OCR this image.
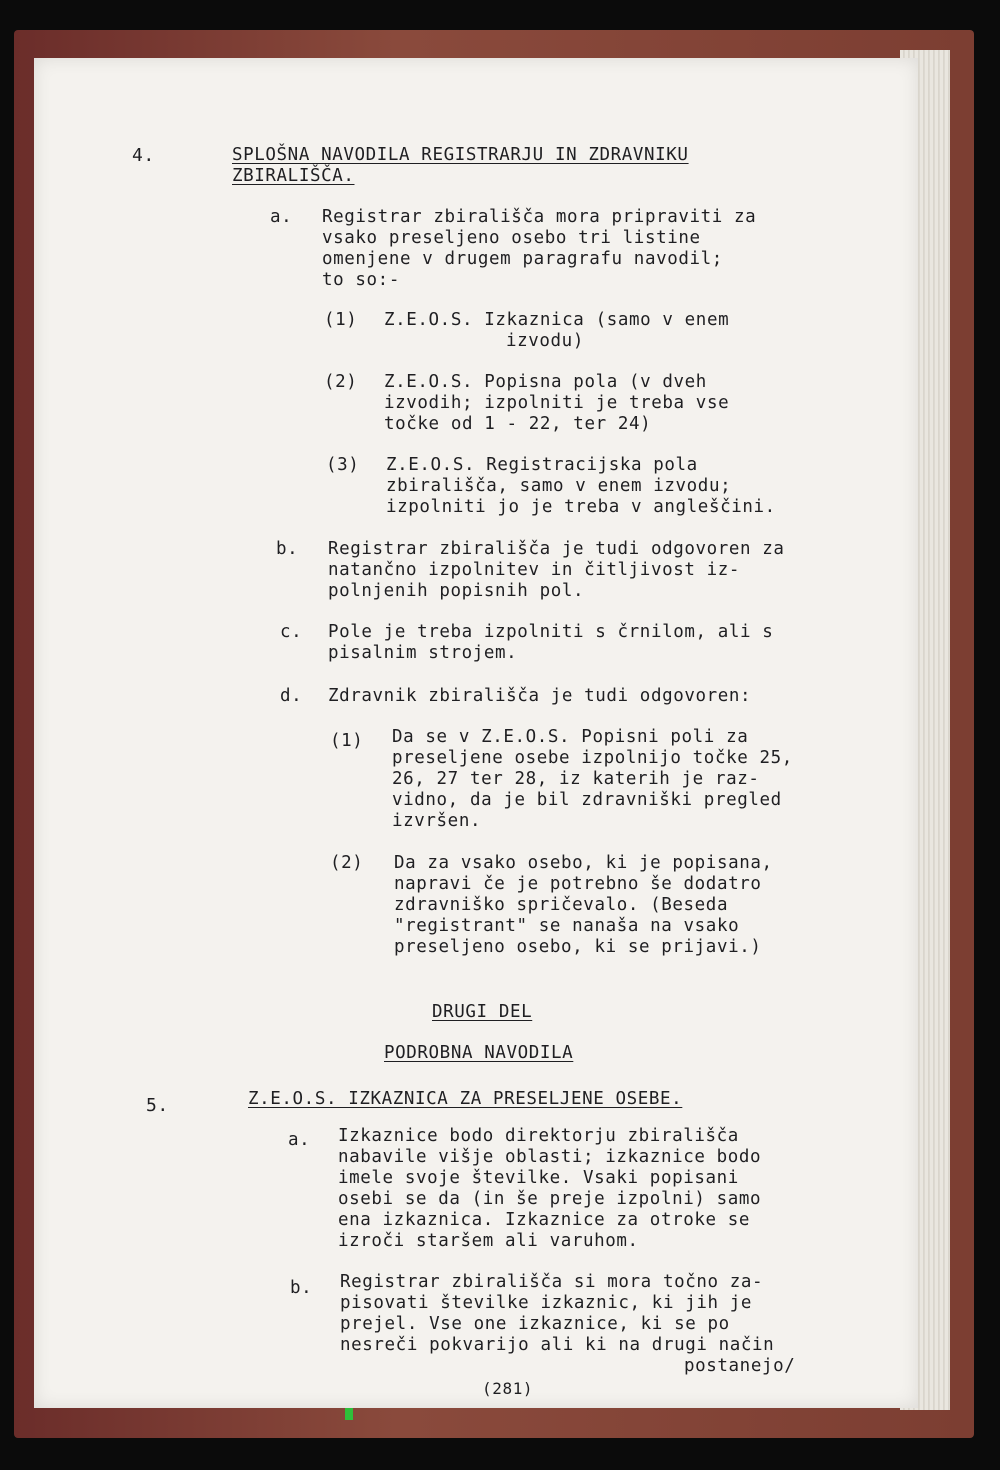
4.	SPLOŠNA NAVODILA REGISTRARJU IN ZDRAVNIKU
ZBIRALIŠČA.
a. Registrar zbirališča mora pripraviti za
vsako preseljeno osebo tri listine
omenjene v drugem paragrafu navodil;
to so:-
(1) Z.E.O.S. Izkaznica (samo v enem
izvodu)
(2) Z.E.O.S. Popisna pola (v dveh
izvodih; izpolniti je treba vse
točke od 1 - 22, ter 24)
(3) Z.E.O.S. Registracijska pola
zbirališča, samo v enem izvodu;
izpolniti jo je treba v angleščini.
b. Registrar zbirališča je tudi odgovoren za
natančno izpolnitev in čitljivost iz-
polnjenih popisnih pol.
c. Pole je treba izpolniti s črnilom, ali s
pisalnim strojem.
d. Zdravnik zbirališča je tudi odgovoren:
(1) Da se v Z.E.O.S. Popisni poli za
preseljene osebe izpolnijo točke 25,
26, 27 ter 28, iz katerih je raz-
vidno, da je bil zdravniški pregled
izvršen.
(2) Da za vsako osebo, ki je popisana,
napravi če je potrebno še dodatro
zdravniško spričevalo. (Beseda
"registrant" se nanaša na vsako
preseljeno osebo, ki se prijavi.)
DRUGI DEL
PODROBNA NAVODILA
5.	Z.E.O.S. IZKAZNICA ZA PRESELJENE OSEBE.
a. Izkaznice bodo direktorju zbirališča
nabavile višje oblasti; izkaznice bodo
imele svoje številke. Vsaki popisani
osebi se da (in še preje izpolni) samo
ena izkaznica. Izkaznice za otroke se
izroči staršem ali varuhom.
b. Registrar zbirališča si mora točno za-
pisovati številke izkaznic, ki jih je
prejel. Vse one izkaznice, ki se po
nesreči pokvarijo ali ki na drugi način
postanejo/
(281)
